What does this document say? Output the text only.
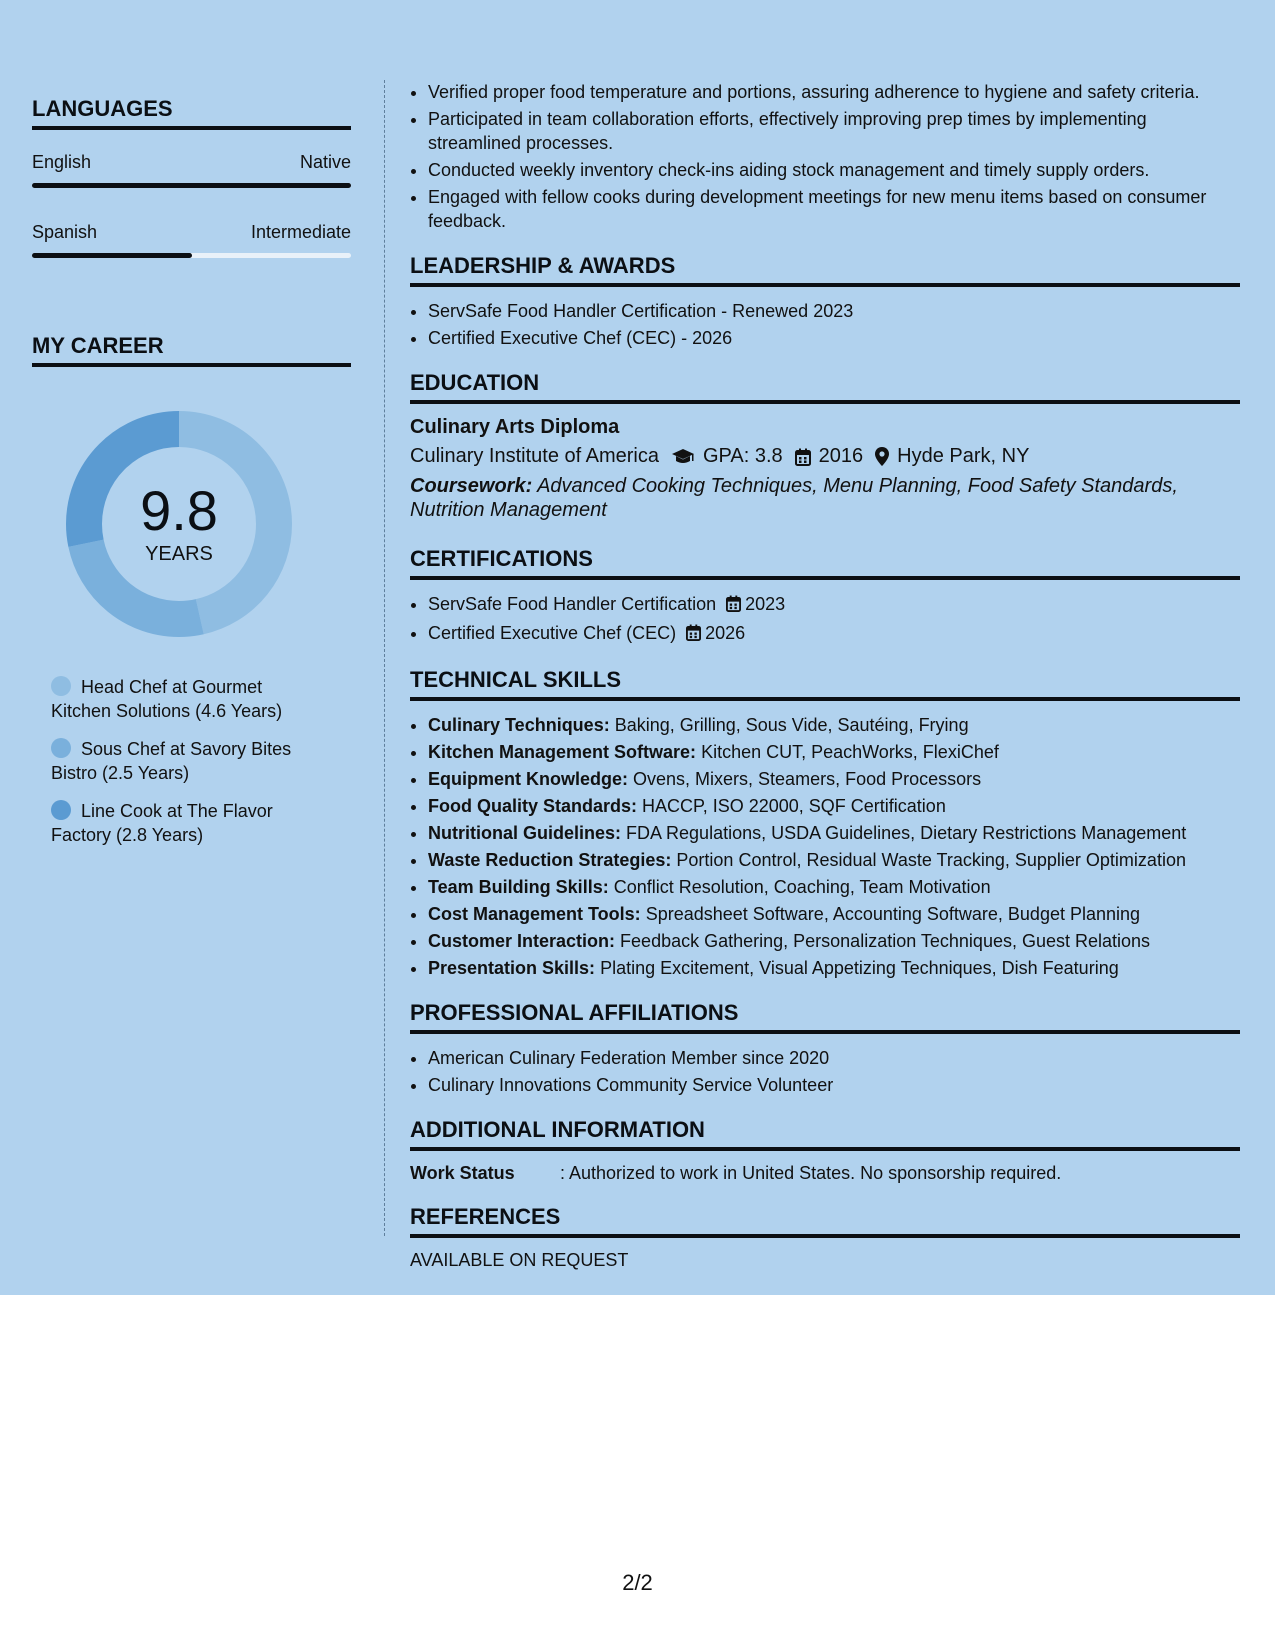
LANGUAGES
English	Native
Spanish	Intermediate
MY CAREER
9.8
YEARS
Head Chef at Gourmet Kitchen Solutions (4.6 Years)
Sous Chef at Savory Bites Bistro (2.5 Years)
Line Cook at The Flavor Factory (2.8 Years)
• Verified proper food temperature and portions, assuring adherence to hygiene and safety criteria.
• Participated in team collaboration efforts, effectively improving prep times by implementing streamlined processes.
• Conducted weekly inventory check-ins aiding stock management and timely supply orders.
• Engaged with fellow cooks during development meetings for new menu items based on consumer feedback.
LEADERSHIP & AWARDS
• ServSafe Food Handler Certification - Renewed 2023
• Certified Executive Chef (CEC) - 2026
EDUCATION
Culinary Arts Diploma
Culinary Institute of America GPA: 3.8 2016 Hyde Park, NY
Coursework: Advanced Cooking Techniques, Menu Planning, Food Safety Standards, Nutrition Management
CERTIFICATIONS
• ServSafe Food Handler Certification 2023
• Certified Executive Chef (CEC) 2026
TECHNICAL SKILLS
• Culinary Techniques: Baking, Grilling, Sous Vide, Sautéing, Frying
• Kitchen Management Software: Kitchen CUT, PeachWorks, FlexiChef
• Equipment Knowledge: Ovens, Mixers, Steamers, Food Processors
• Food Quality Standards: HACCP, ISO 22000, SQF Certification
• Nutritional Guidelines: FDA Regulations, USDA Guidelines, Dietary Restrictions Management
• Waste Reduction Strategies: Portion Control, Residual Waste Tracking, Supplier Optimization
• Team Building Skills: Conflict Resolution, Coaching, Team Motivation
• Cost Management Tools: Spreadsheet Software, Accounting Software, Budget Planning
• Customer Interaction: Feedback Gathering, Personalization Techniques, Guest Relations
• Presentation Skills: Plating Excitement, Visual Appetizing Techniques, Dish Featuring
PROFESSIONAL AFFILIATIONS
• American Culinary Federation Member since 2020
• Culinary Innovations Community Service Volunteer
ADDITIONAL INFORMATION
Work Status	: Authorized to work in United States. No sponsorship required.
REFERENCES
AVAILABLE ON REQUEST
2/2
